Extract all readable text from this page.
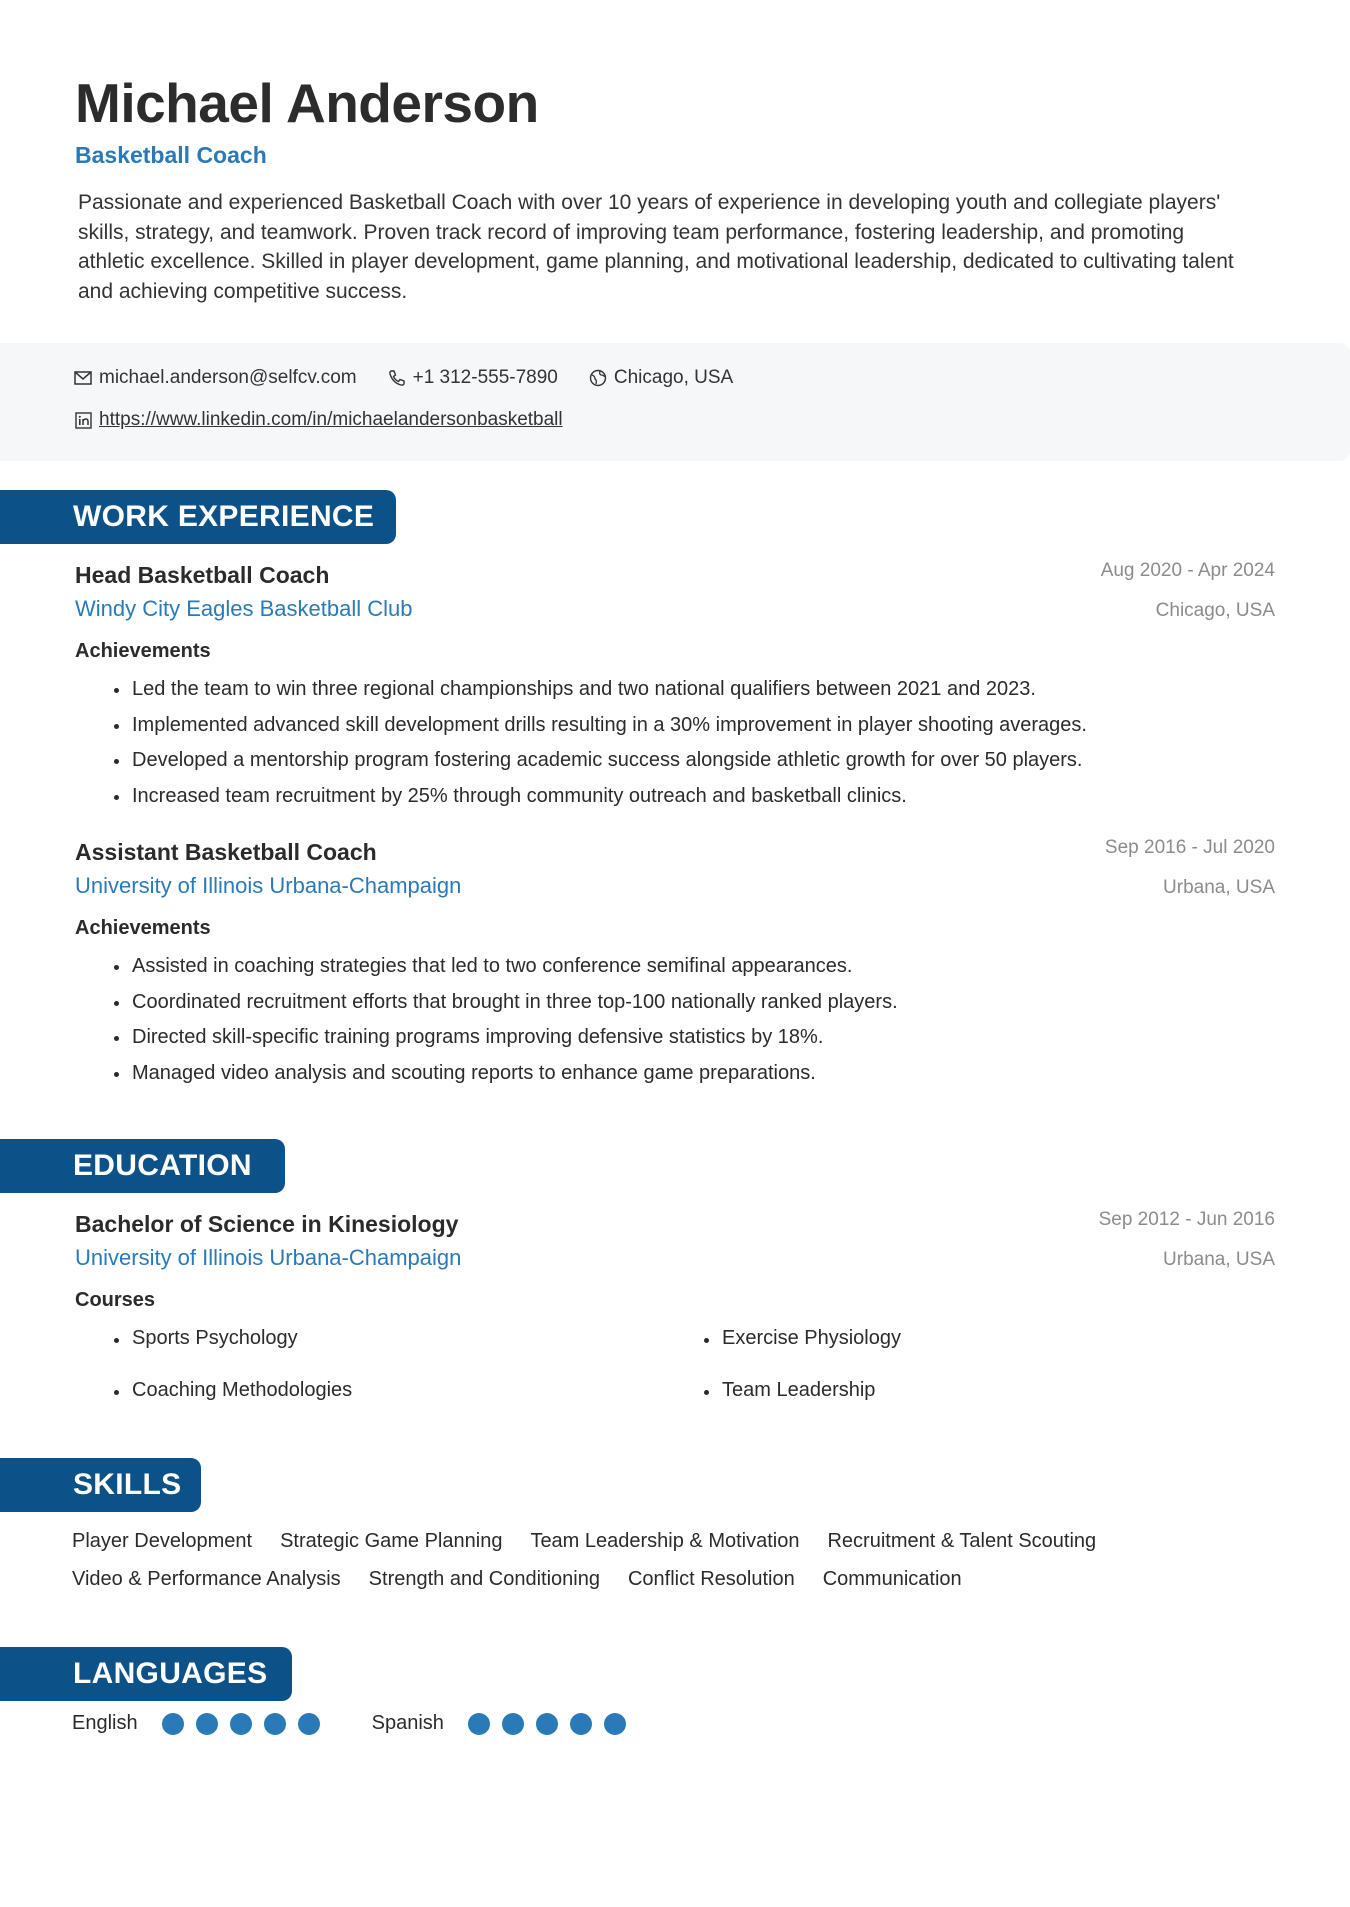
Michael Anderson
Basketball Coach
Passionate and experienced Basketball Coach with over 10 years of experience in developing youth and collegiate players' skills, strategy, and teamwork. Proven track record of improving team performance, fostering leadership, and promoting athletic excellence. Skilled in player development, game planning, and motivational leadership, dedicated to cultivating talent and achieving competitive success.
michael.anderson@selfcv.com	+1 312-555-7890	Chicago, USA
https://www.linkedin.com/in/michaelandersonbasketball
WORK EXPERIENCE
Head Basketball Coach
Windy City Eagles Basketball Club
Aug 2020 - Apr 2024
Chicago, USA
Achievements
Led the team to win three regional championships and two national qualifiers between 2021 and 2023.
Implemented advanced skill development drills resulting in a 30% improvement in player shooting averages.
Developed a mentorship program fostering academic success alongside athletic growth for over 50 players.
Increased team recruitment by 25% through community outreach and basketball clinics.
Assistant Basketball Coach
University of Illinois Urbana-Champaign
Sep 2016 - Jul 2020
Urbana, USA
Achievements
Assisted in coaching strategies that led to two conference semifinal appearances.
Coordinated recruitment efforts that brought in three top-100 nationally ranked players.
Directed skill-specific training programs improving defensive statistics by 18%.
Managed video analysis and scouting reports to enhance game preparations.
EDUCATION
Bachelor of Science in Kinesiology
University of Illinois Urbana-Champaign
Sep 2012 - Jun 2016
Urbana, USA
Courses
Sports Psychology	Exercise Physiology
Coaching Methodologies	Team Leadership
SKILLS
Player Development Strategic Game Planning Team Leadership & Motivation Recruitment & Talent Scouting
Video & Performance Analysis Strength and Conditioning Conflict Resolution Communication
LANGUAGES
English	Spanish
